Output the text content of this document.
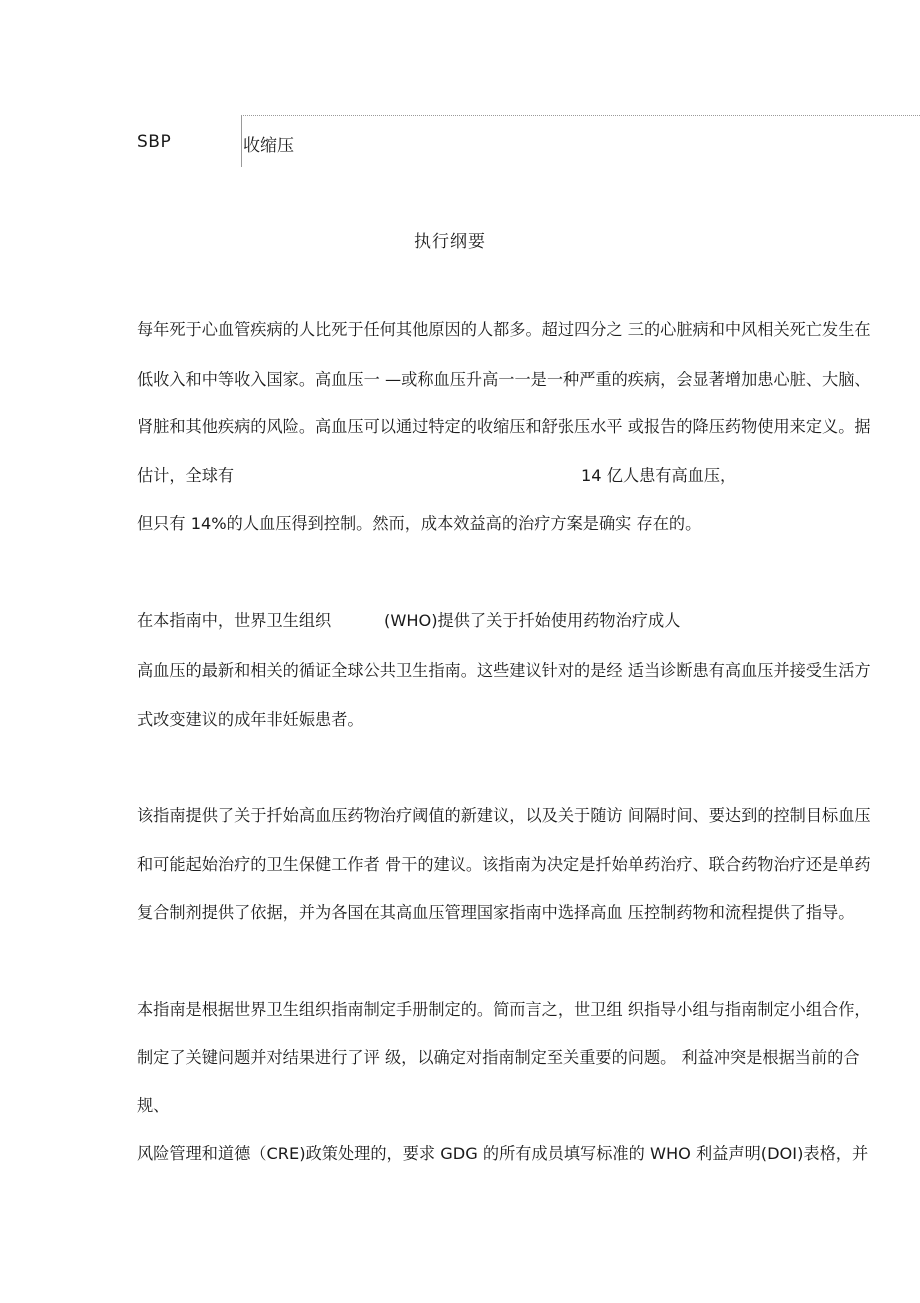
SBP	收缩压
执行纲要
每年死于心血管疾病的人比死于任何其他原因的人都多。超过四分之 三的心脏病和中风相关死亡发生在
低收入和中等收入国家。高血压一 —或称血压升高一一是一种严重的疾病，会显著增加患心脏、大脑、
肾脏和其他疾病的风险。高血压可以通过特定的收缩压和舒张压水平 或报告的降压药物使用来定义。据
估计，全球有	14 亿人患有高血压，
但只有 14%的人血压得到控制。然而，成本效益高的治疗方案是确实 存在的。
在本指南中，世界卫生组织	(WHO)提供了关于扦始使用药物治疗成人
高血压的最新和相关的循证全球公共卫生指南。这些建议针对的是经 适当诊断患有高血压并接受生活方
式改变建议的成年非妊娠患者。
该指南提供了关于扦始高血压药物治疗阈值的新建议，以及关于随访 间隔时间、要达到的控制目标血压
和可能起始治疗的卫生保健工作者 骨干的建议。该指南为决定是扦始单药治疗、联合药物治疗还是单药
复合制剂提供了依据，并为各国在其高血压管理国家指南中选择高血 压控制药物和流程提供了指导。
本指南是根据世界卫生组织指南制定手册制定的。简而言之，世卫组 织指导小组与指南制定小组合作，
制定了关键问题并对结果进行了评 级，以确定对指南制定至关重要的问题。 利益冲突是根据当前的合
规、
风险管理和道德（CRE)政策处理的，要求 GDG 的所有成员填写标准的 WHO 利益声明(DOI)表格，并
